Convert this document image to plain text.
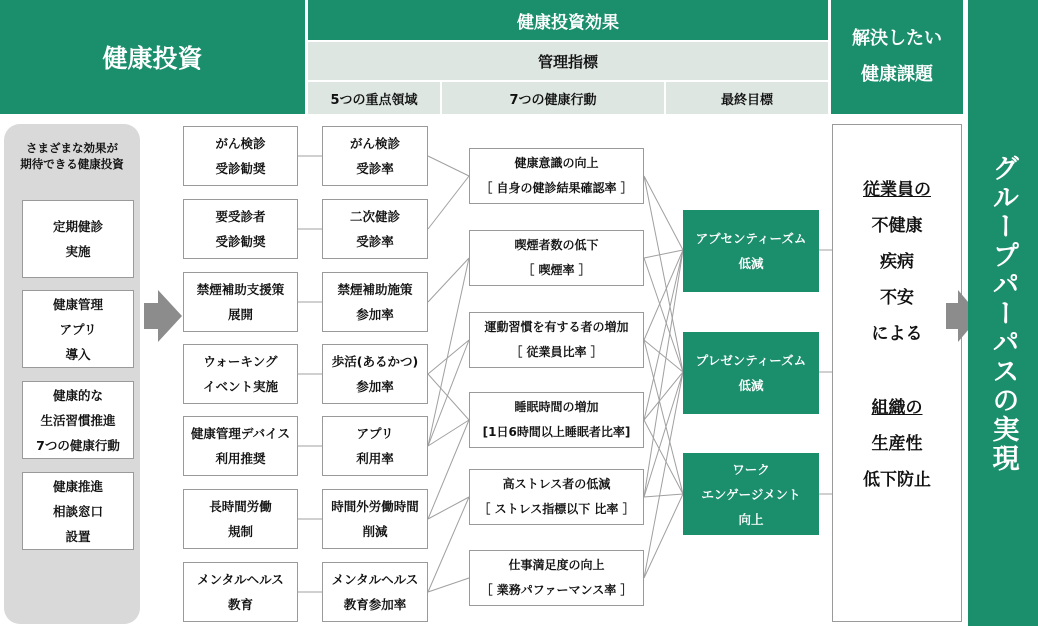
健康投資
健康投資効果
管理指標
5つの重点領域	7つの健康行動	最終目標
解決したい
健康課題
さまざまな効果が
期待できる健康投資
定期健診
実施
健康管理
アプリ
導入
健康的な
生活習慣推進
7つの健康行動
健康推進
相談窓口
設置
がん検診
受診勧奨
要受診者
受診勧奨
禁煙補助支援策
展開
ウォーキング
イベント実施
健康管理デバイス
利用推奨
長時間労働
規制
メンタルヘルス
教育
がん検診
受診率
二次健診
受診率
禁煙補助施策
参加率
歩活(あるかつ)
参加率
アプリ
利用率
時間外労働時間
削減
メンタルヘルス
教育参加率
健康意識の向上
［ 自身の健診結果確認率 ］
喫煙者数の低下
［ 喫煙率 ］
運動習慣を有する者の増加
［ 従業員比率 ］
睡眠時間の増加
[1日6時間以上睡眠者比率]
高ストレス者の低減
［ ストレス指標以下 比率 ］
仕事満足度の向上
［ 業務パファーマンス率 ］
アブセンティーズム
低減
プレゼンティーズム
低減
ワーク
エンゲージメント
向上
従業員の
不健康
疾病
不安
による
組織の
生産性
低下防止
グループパーパスの実現
